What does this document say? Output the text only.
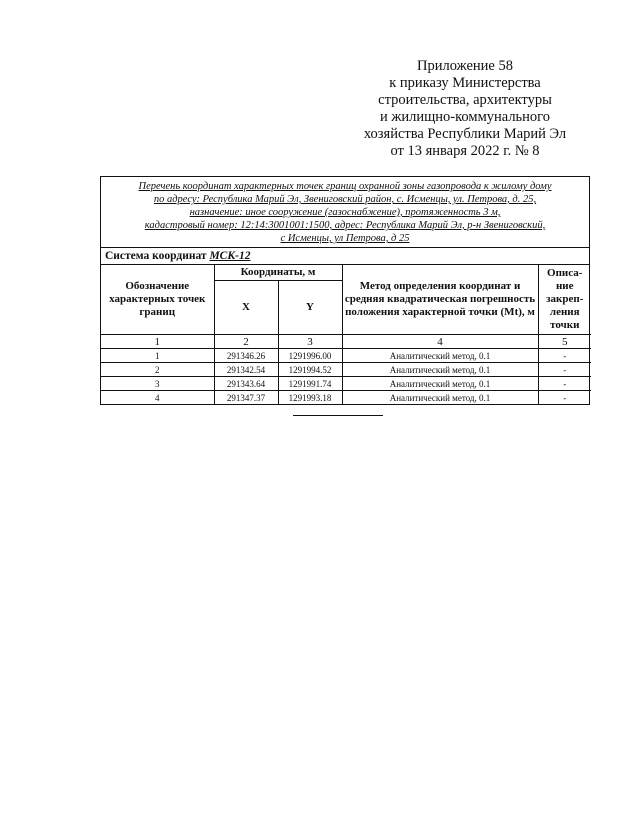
Приложение 58
к приказу Министерства
строительства, архитектуры
и жилищно-коммунального
хозяйства Республики Марий Эл
от 13 января 2022 г. № 8
Перечень координат характерных точек границ охранной зоны газопровода к жилому дому
по адресу: Республика Марий Эл, Звениговский район, с. Исменцы, ул. Петрова, д. 25,
назначение: иное сооружение (газоснабжение), протяженность 3 м,
кадастровый номер: 12:14:3001001:1500, адрес: Республика Марий Эл, р-н Звениговский,
с Исменцы, ул Петрова, д 25
Система координат МСК-12
Обозначение характерных точек границ	Координаты, м		Метод определения координат и средняя квадратическая погрешность положения характерной точки (Mt), м	Описа-ние закреп-ления точки
	X	Y		
1	2	3	4	5
1	291346.26	1291996.00	Аналитический метод, 0.1	-
2	291342.54	1291994.52	Аналитический метод, 0.1	-
3	291343.64	1291991.74	Аналитический метод, 0.1	-
4	291347.37	1291993.18	Аналитический метод, 0.1	-
